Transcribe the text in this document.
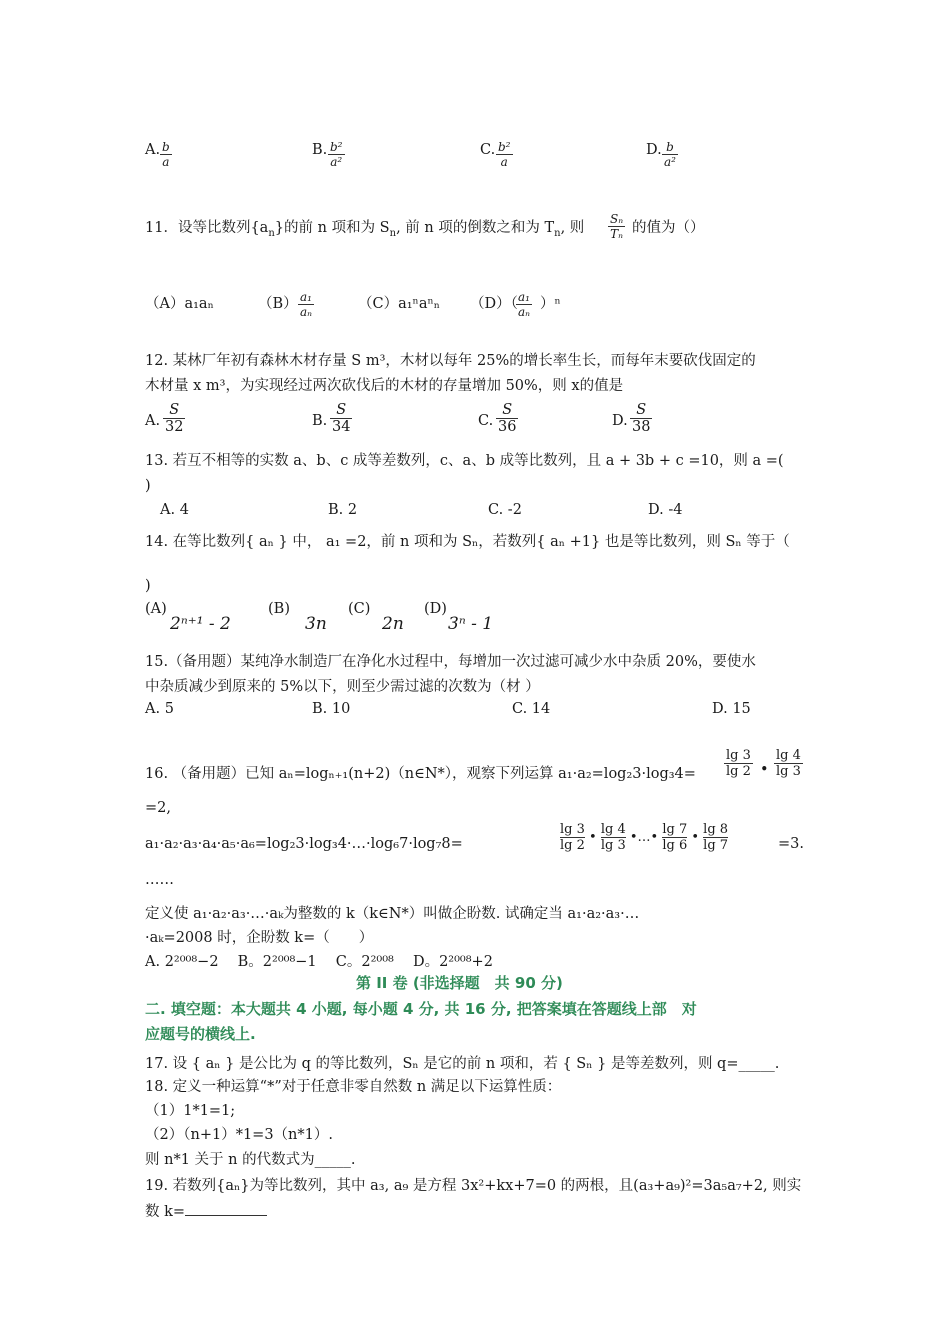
A. $\frac{b}{a}$	B. $\frac{\text{b²}}{\text{a²}}$	C. $\frac{\text{b²}}{a}$	D. $\frac{b}{\text{a²}}$
11．设等比数列$\{a_n\}$的前 n 项和为 $S_n$, 前 n 项的倒数之和为 $T_n$, 则 $\frac{\text{Sₙ}}{\text{Tₙ}}$ 的值为（）
（A）a₁aₙ	$(B) \frac{\text{a₁}}{\text{aₙ}}$	（C）a₁ⁿaⁿₙ （D）（
$\frac{\text{a₁}}{\text{aₙ}} )^n$
12. 某林厂年初有森林木材存量 S m³，木材以每年 25%的增长率生长，而每年末要砍伐固定的
木材量 x m³，为实现经过两次砍伐后的木材的存量增加 50%，则 x的值是
A. $\frac{S}{32}$	B. $\frac{S}{34}$	C. $\frac{S}{36}$	D. $\frac{S}{38}$
13. 若互不相等的实数 a、b、c 成等差数列，c、a、b 成等比数列，且 a + 3b + c =10，则 a =(
)
A. 4	B. 2	C. -2	D. -4
14. 在等比数列{ aₙ } 中， a₁ =2，前 n 项和为 Sₙ，若数列{ aₙ +1} 也是等比数列，则 Sₙ 等于（
)
(A)
2ⁿ⁺¹ - 2
(B)
3n
(C)
2n
(D)
3ⁿ - 1
15.（备用题）某纯净水制造厂在净化水过程中，每增加一次过滤可减少水中杂质 20%，要使水
中杂质减少到原来的 5%以下，则至少需过滤的次数为（材 ）
A. 5	B. 10	C. 14	D. 15
16. （备用题）已知 aₙ=logₙ₊₁(n+2)（n∈N*），观察下列运算 $a_1\cdot a_2=\log_23\cdot\log_34= \frac{\lg 3}{\lg 2}$ • $\frac{\lg 4}{\lg 3}$
=2,
a₁·a₂·a₃·a₄·a₅·a₆=log₂3·log₃4·…·log₆7·log₇8=	$\frac{\lg 3}{\lg 2}$ • $\frac{\lg 4}{\lg 3}$ •…• $\frac{\lg 7}{\lg 6}$ • $\frac{\lg 8}{\lg 7}$	=3.
……
定义使 a₁·a₂·a₃·…·aₖ为整数的 k（k∈N*）叫做企盼数. 试确定当 a₁·a₂·a₃·…
·aₖ=2008 时，企盼数 k=（　　）
A. 2²⁰⁰⁸−2　 B。2²⁰⁰⁸−1　 C。2²⁰⁰⁸　 D。2²⁰⁰⁸+2
第 II 卷 (非选择题　共 90 分)
二. 填空题：本大题共 4 小题, 每小题 4 分, 共 16 分, 把答案填在答题线上部　对
应题号的横线上.
17. 设 { aₙ } 是公比为 q 的等比数列，Sₙ 是它的前 n 项和，若 { Sₙ } 是等差数列，则 q=_____.
18. 定义一种运算“*”对于任意非零自然数 n 满足以下运算性质：
（1）1*1=1;
（2）（n+1）*1=3（n*1）.
则 n*1 关于 n 的代数式为_____.
19. 若数列{aₙ}为等比数列，其中 a₃, a₉ 是方程 3x²+kx+7=0 的两根，且(a₃+a₉)²=3a₅a₇+2, 则实
数 k=
